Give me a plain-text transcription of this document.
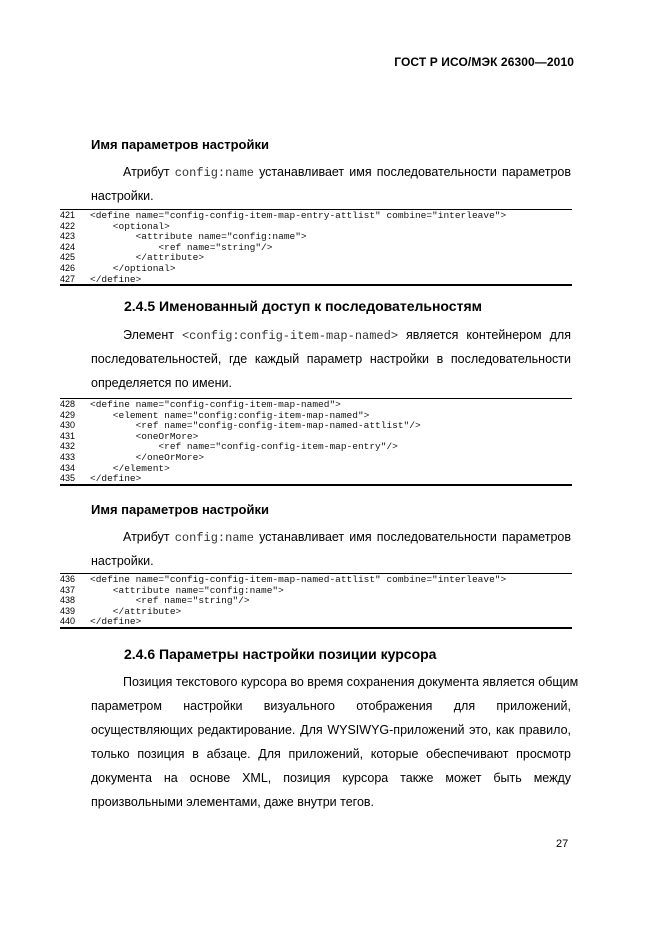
ГОСТ Р ИСО/МЭК 26300—2010
Имя параметров настройки
Атрибут config:name устанавливает имя последовательности параметров
настройки.
421 <define name="config-config-item-map-entry-attlist" combine="interleave">
422    <optional>
423        <attribute name="config:name">
424            <ref name="string"/>
425        </attribute>
426    </optional>
427 </define>
2.4.5 Именованный доступ к последовательностям
Элемент <config:config-item-map-named> является контейнером для
последовательностей, где каждый параметр настройки в последовательности
определяется по имени.
428 <define name="config-config-item-map-named">
429    <element name="config:config-item-map-named">
430        <ref name="config-config-item-map-named-attlist"/>
431        <oneOrMore>
432            <ref name="config-config-item-map-entry"/>
433        </oneOrMore>
434    </element>
435 </define>
Имя параметров настройки
Атрибут config:name устанавливает имя последовательности параметров
настройки.
436 <define name="config-config-item-map-named-attlist" combine="interleave">
437    <attribute name="config:name">
438        <ref name="string"/>
439    </attribute>
440 </define>
2.4.6 Параметры настройки позиции курсора
Позиция текстового курсора во время сохранения документа является общим
параметром настройки визуального отображения для приложений,
осуществляющих редактирование. Для WYSIWYG-приложений это, как правило,
только позиция в абзаце. Для приложений, которые обеспечивают просмотр
документа на основе XML, позиция курсора также может быть между
произвольными элементами, даже внутри тегов.
27
